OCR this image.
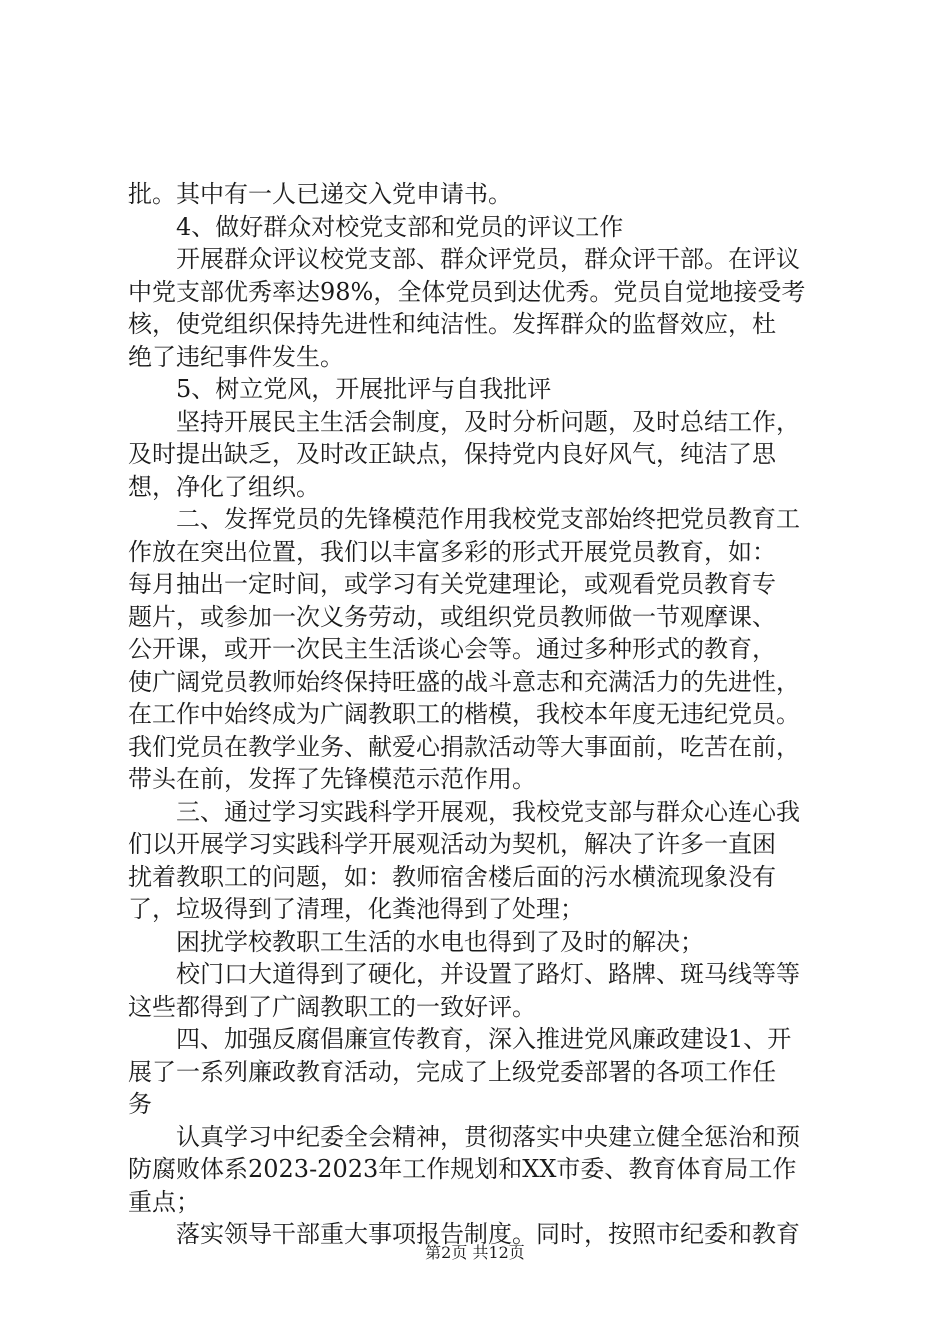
批。其中有一人已递交入党申请书。
4、做好群众对校党支部和党员的评议工作
开展群众评议校党支部、群众评党员，群众评干部。在评议
中党支部优秀率达98%，全体党员到达优秀。党员自觉地接受考
核，使党组织保持先进性和纯洁性。发挥群众的监督效应，杜
绝了违纪事件发生。
5、树立党风，开展批评与自我批评
坚持开展民主生活会制度，及时分析问题，及时总结工作，
及时提出缺乏，及时改正缺点，保持党内良好风气，纯洁了思
想，净化了组织。
二、发挥党员的先锋模范作用我校党支部始终把党员教育工
作放在突出位置，我们以丰富多彩的形式开展党员教育，如：
每月抽出一定时间，或学习有关党建理论，或观看党员教育专
题片，或参加一次义务劳动，或组织党员教师做一节观摩课、
公开课，或开一次民主生活谈心会等。通过多种形式的教育，
使广阔党员教师始终保持旺盛的战斗意志和充满活力的先进性，
在工作中始终成为广阔教职工的楷模，我校本年度无违纪党员。
我们党员在教学业务、献爱心捐款活动等大事面前，吃苦在前，
带头在前，发挥了先锋模范示范作用。
三、通过学习实践科学开展观，我校党支部与群众心连心我
们以开展学习实践科学开展观活动为契机，解决了许多一直困
扰着教职工的问题，如：教师宿舍楼后面的污水横流现象没有
了，垃圾得到了清理，化粪池得到了处理；
困扰学校教职工生活的水电也得到了及时的解决；
校门口大道得到了硬化，并设置了路灯、路牌、斑马线等等
这些都得到了广阔教职工的一致好评。
四、加强反腐倡廉宣传教育，深入推进党风廉政建设1、开
展了一系列廉政教育活动，完成了上级党委部署的各项工作任
务
认真学习中纪委全会精神，贯彻落实中央建立健全惩治和预
防腐败体系2023-2023年工作规划和XX市委、教育体育局工作
重点；
落实领导干部重大事项报告制度。同时，按照市纪委和教育
第2页 共12页
